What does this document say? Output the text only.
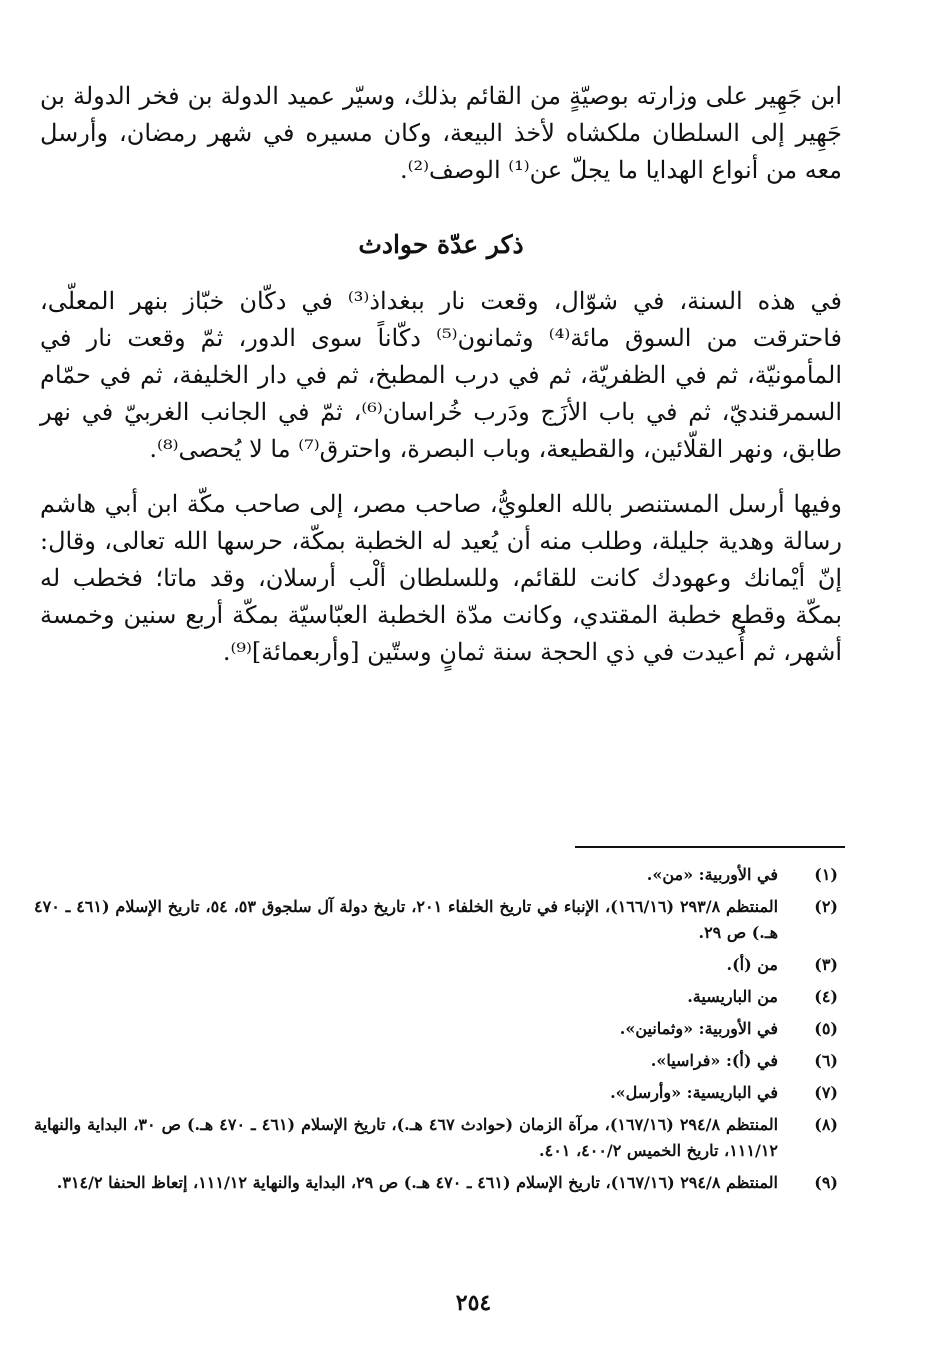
ابن جَهِير على وزارته بوصيّةٍ من القائم بذلك، وسيّر عميد الدولة بن فخر الدولة بن جَهِير إلى السلطان ملكشاه لأخذ البيعة، وكان مسيره في شهر رمضان، وأرسل معه من أنواع الهدايا ما يجلّ عن⁽¹⁾ الوصف⁽²⁾.

ذكر عدّة حوادث

في هذه السنة، في شوّال، وقعت نار ببغداذ⁽³⁾ في دكّان خبّاز بنهر المعلّى، فاحترقت من السوق مائة⁽⁴⁾ وثمانون⁽⁵⁾ دكّاناً سوى الدور، ثمّ وقعت نار في المأمونيّة، ثم في الظفريّة، ثم في درب المطبخ، ثم في دار الخليفة، ثم في حمّام السمرقنديّ، ثم في باب الأزَج ودَرب خُراسان⁽⁶⁾، ثمّ في الجانب الغربيّ في نهر طابق، ونهر القلّائين، والقطيعة، وباب البصرة، واحترق⁽⁷⁾ ما لا يُحصى⁽⁸⁾.

وفيها أرسل المستنصر بالله العلويُّ، صاحب مصر، إلى صاحب مكّة ابن أبي هاشم رسالة وهدية جليلة، وطلب منه أن يُعيد له الخطبة بمكّة، حرسها الله تعالى، وقال: إنّ أيْمانك وعهودك كانت للقائم، وللسلطان ألْب أرسلان، وقد ماتا؛ فخطب له بمكّة وقطع خطبة المقتدي، وكانت مدّة الخطبة العبّاسيّة بمكّة أربع سنين وخمسة أشهر، ثم أُعيدت في ذي الحجة سنة ثمانٍ وستّين [وأربعمائة]⁽⁹⁾.

(١)
في الأوربية: «من».
(٢)
المنتظم ٢٩٣/٨ (١٦٦/١٦)، الإنباء في تاريخ الخلفاء ٢٠١، تاريخ دولة آل سلجوق ٥٣، ٥٤، تاريخ الإسلام (٤٦١ ـ ٤٧٠ هـ.) ص ٢٩.
(٣)
من (أ).
(٤)
من الباريسية.
(٥)
في الأوربية: «وثمانين».
(٦)
في (أ): «فراسيا».
(٧)
في الباريسية: «وأرسل».
(٨)
المنتظم ٢٩٤/٨ (١٦٧/١٦)، مرآة الزمان (حوادث ٤٦٧ هـ.)، تاريخ الإسلام (٤٦١ ـ ٤٧٠ هـ.) ص ٣٠، البداية والنهاية ١١١/١٢، تاريخ الخميس ٤٠٠/٢، ٤٠١.
(٩)
المنتظم ٢٩٤/٨ (١٦٧/١٦)، تاريخ الإسلام (٤٦١ ـ ٤٧٠ هـ.) ص ٢٩، البداية والنهاية ١١١/١٢، إتعاظ الحنفا ٣١٤/٢.
٢٥٤
